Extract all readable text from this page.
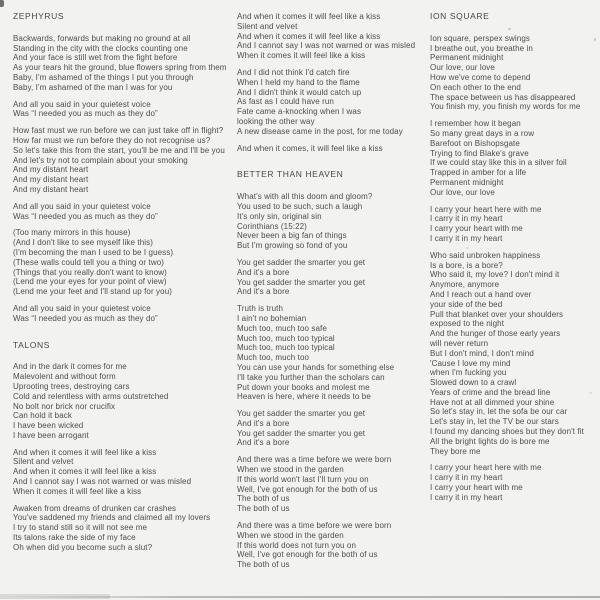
ZEPHYRUS
Backwards, forwards but making no ground at all
Standing in the city with the clocks counting one
And your face is still wet from the fight before
As your tears hit the ground, blue flowers spring from them
Baby, I'm ashamed of the things I put you through
Baby, I'm ashamed of the man I was for you
And all you said in your quietest voice
Was “I needed you as much as they do”
How fast must we run before we can just take off in flight?
How far must we run before they do not recognise us?
So let's take this from the start, you'll be me and I'll be you
And let's try not to complain about your smoking
And my distant heart
And my distant heart
And my distant heart
And all you said in your quietest voice
Was “I needed you as much as they do”
(Too many mirrors in this house)
(And I don't like to see myself like this)
(I'm becoming the man I used to be I guess)
(These walls could tell you a thing or two)
(Things that you really don't want to know)
(Lend me your eyes for your point of view)
(Lend me your feet and I'll stand up for you)
And all you said in your quietest voice
Was “I needed you as much as they do”
TALONS
And in the dark it comes for me
Malevolent and without form
Uprooting trees, destroying cars
Cold and relentless with arms outstretched
No bolt nor brick nor crucifix
Can hold it back
I have been wicked
I have been arrogant
And when it comes it will feel like a kiss
Silent and velvet
And when it comes it will feel like a kiss
And I cannot say I was not warned or was misled
When it comes it will feel like a kiss
Awaken from dreams of drunken car crashes
You've saddened my friends and claimed all my lovers
I try to stand still so it will not see me
Its talons rake the side of my face
Oh when did you become such a slut?
And when it comes it will feel like a kiss
Silent and velvet
And when it comes it will feel like a kiss
And I cannot say I was not warned or was misled
When it comes it will feel like a kiss
And I did not think I'd catch fire
When I held my hand to the flame
And I didn't think it would catch up
As fast as I could have run
Fate came a-knocking when I was
looking the other way
A new disease came in the post, for me today
And when it comes, it will feel like a kiss
BETTER THAN HEAVEN
What's with all this doom and gloom?
You used to be such, such a laugh
It's only sin, original sin
Corinthians (15:22)
Never been a big fan of things
But I'm growing so fond of you
You get sadder the smarter you get
And it's a bore
You get sadder the smarter you get
And it's a bore
Truth is truth
I ain't no bohemian
Much too, much too safe
Much too, much too typical
Much too, much too typical
Much too, much too
You can use your hands for something else
I'll take you further than the scholars can
Put down your books and molest me
Heaven is here, where it needs to be
You get sadder the smarter you get
And it's a bore
You get sadder the smarter you get
And it's a bore
And there was a time before we were born
When we stood in the garden
If this world won't last I'll turn you on
Well, I've got enough for the both of us
The both of us
The both of us
And there was a time before we were born
When we stood in the garden
If this world does not turn you on
Well, I've got enough for the both of us
The both of us
ION SQUARE
Ion square, perspex swings
I breathe out, you breathe in
Permanent midnight
Our love, our love
How we've come to depend
On each other to the end
The space between us has disappeared
You finish my, you finish my words for me
I remember how it began
So many great days in a row
Barefoot on Bishopsgate
Trying to find Blake's grave
If we could stay like this in a silver foil
Trapped in amber for a life
Permanent midnight
Our love, our love
I carry your heart here with me
I carry it in my heart
I carry your heart with me
I carry it in my heart
Who said unbroken happiness
Is a bore, is a bore?
Who said it, my love? I don't mind it
Anymore, anymore
And I reach out a hand over
your side of the bed
Pull that blanket over your shoulders
exposed to the night
And the hunger of those early years
will never return
But I don't mind, I don't mind
'Cause I love my mind
when I'm fucking you
Slowed down to a crawl
Years of crime and the bread line
Have not at all dimmed your shine
So let's stay in, let the sofa be our car
Let's stay in, let the TV be our stars
I found my dancing shoes but they don't fit
All the bright lights do is bore me
They bore me
I carry your heart here with me
I carry it in my heart
I carry your heart with me
I carry it in my heart
